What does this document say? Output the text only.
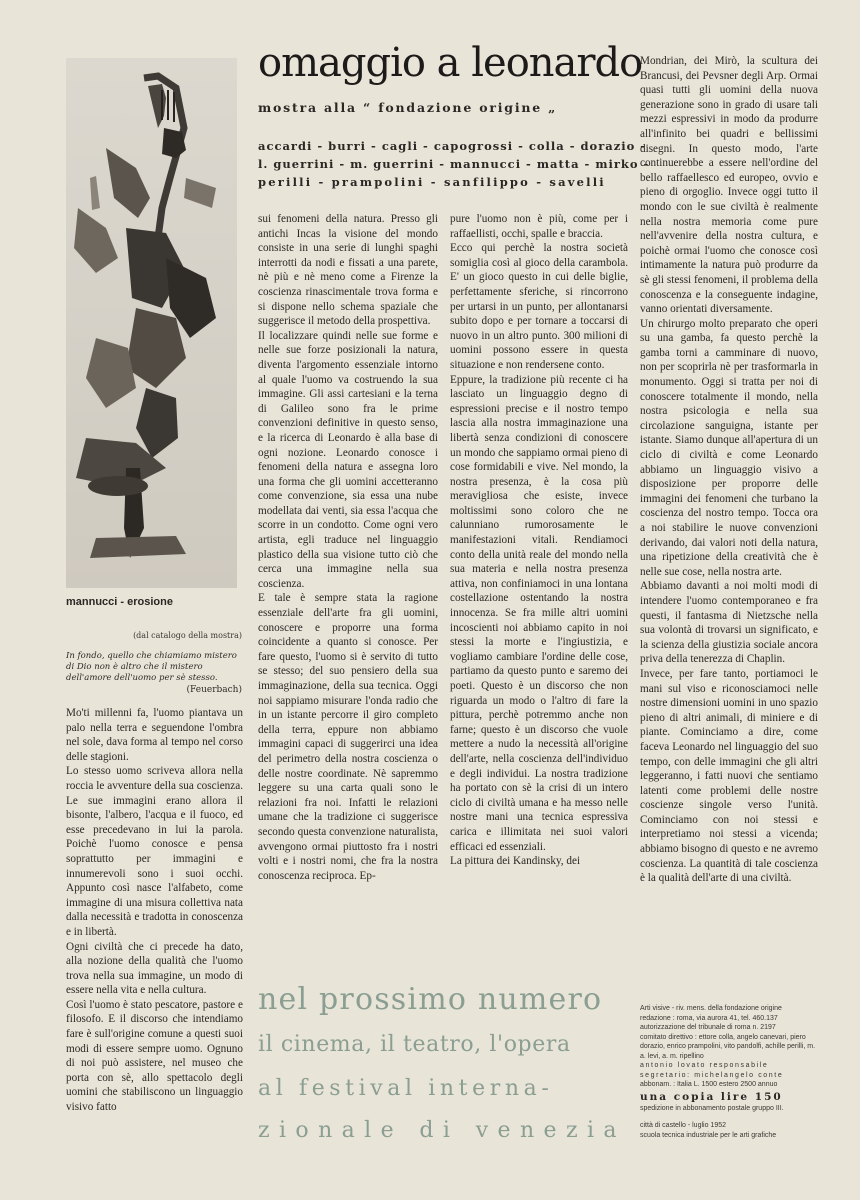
mannucci - erosione
(dal catalogo della mostra)
In fondo, quello che chiamiamo mistero di Dio non è altro che il mistero dell'amore dell'uomo per sè stesso.
(Feuerbach)
omaggio a leonardo
mostra alla “ fondazione origine „
accardi - burri - cagli - capogrossi - colla - dorazio -
l. guerrini - m. guerrini - mannucci - matta - mirko -
perilli - prampolini - sanfilippo - savelli

Mo'ti millenni fa, l'uomo piantava un palo nella terra e seguendone l'ombra nel sole, dava forma al tempo nel corso delle stagioni.

Lo stesso uomo scriveva allora nella roccia le avventure della sua coscienza. Le sue immagini erano allora il bisonte, l'albero, l'acqua e il fuoco, ed esse precedevano in lui la parola. Poichè l'uomo conosce e pensa soprattutto per immagini e innumerevoli sono i suoi occhi. Appunto così nasce l'alfabeto, come immagine di una misura collettiva nata dalla necessità e tradotta in conoscenza e in libertà.

Ogni civiltà che ci precede ha dato, alla nozione della qualità che l'uomo trova nella sua immagine, un modo di essere nella vita e nella cultura.

Così l'uomo è stato pescatore, pastore e filosofo. E il discorso che intendiamo fare è sull'origine comune a questi suoi modi di essere sempre uomo. Ognuno di noi può assistere, nel museo che porta con sè, allo spettacolo degli uomini che stabiliscono un linguaggio visivo fatto

sui fenomeni della natura. Presso gli antichi Incas la visione del mondo consiste in una serie di lunghi spaghi interrotti da nodi e fissati a una parete, nè più e nè meno come a Firenze la coscienza rinascimentale trova forma e si dispone nello schema spaziale che suggerisce il metodo della prospettiva.

Il localizzare quindi nelle sue forme e nelle sue forze posizionali la natura, diventa l'argomento essenziale intorno al quale l'uomo va costruendo la sua immagine. Gli assi cartesiani e la terna di Galileo sono fra le prime convenzioni definitive in questo senso, e la ricerca di Leonardo è alla base di ogni nozione. Leonardo conosce i fenomeni della natura e assegna loro una forma che gli uomini accetteranno come convenzione, sia essa una nube modellata dai venti, sia essa l'acqua che scorre in un condotto. Come ogni vero artista, egli traduce nel linguaggio plastico della sua visione tutto ciò che cerca una immagine nella sua coscienza.

E tale è sempre stata la ragione essenziale dell'arte fra gli uomini, conoscere e proporre una forma coincidente a quanto si conosce. Per fare questo, l'uomo si è servito di tutto se stesso; del suo pensiero della sua immaginazione, della sua tecnica. Oggi noi sappiamo misurare l'onda radio che in un istante percorre il giro completo della terra, eppure non abbiamo immagini capaci di suggerirci una idea del perimetro della nostra coscienza o delle nostre coordinate. Nè sapremmo leggere su una carta quali sono le relazioni fra noi. Infatti le relazioni umane che la tradizione ci suggerisce secondo questa convenzione naturalista, avvengono ormai piuttosto fra i nostri volti e i nostri nomi, che fra la nostra conoscenza reciproca. Ep-

pure l'uomo non è più, come per i raffaellisti, occhi, spalle e braccia.

Ecco qui perchè la nostra società somiglia così al gioco della carambola. E' un gioco questo in cui delle biglie, perfettamente sferiche, si rincorrono per urtarsi in un punto, per allontanarsi subito dopo e per tornare a toccarsi di nuovo in un altro punto. 300 milioni di uomini possono essere in questa situazione e non rendersene conto.

Eppure, la tradizione più recente ci ha lasciato un linguaggio degno di espressioni precise e il nostro tempo lascia alla nostra immaginazione una libertà senza condizioni di conoscere un mondo che sappiamo ormai pieno di cose formidabili e vive. Nel mondo, la nostra presenza, è la cosa più meravigliosa che esiste, invece moltissimi sono coloro che ne calunniano rumorosamente le manifestazioni vitali. Rendiamoci conto della unità reale del mondo nella sua materia e nella nostra presenza attiva, non confiniamoci in una lontana costellazione ostentando la nostra innocenza. Se fra mille altri uomini incoscienti noi abbiamo capito in noi stessi la morte e l'ingiustizia, e vogliamo cambiare l'ordine delle cose, partiamo da questo punto e saremo dei poeti. Questo è un discorso che non riguarda un modo o l'altro di fare la pittura, perchè potremmo anche non farne; questo è un discorso che vuole mettere a nudo la necessità all'origine dell'arte, nella coscienza dell'individuo e degli individui. La nostra tradizione ha portato con sè la crisi di un intero ciclo di civiltà umana e ha messo nelle nostre mani una tecnica espressiva carica e illimitata nei suoi valori efficaci ed essenziali.

La pittura dei Kandinsky, dei

Mondrian, dei Mirò, la scultura dei Brancusi, dei Pevsner degli Arp. Ormai quasi tutti gli uomini della nuova generazione sono in grado di usare tali mezzi espressivi in modo da produrre all'infinito bei quadri e bellissimi disegni. In questo modo, l'arte continuerebbe a essere nell'ordine del bello raffaellesco ed europeo, ovvio e pieno di orgoglio. Invece oggi tutto il mondo con le sue civiltà è realmente nella nostra memoria come pure nell'avvenire della nostra cultura, e poichè ormai l'uomo che conosce così intimamente la natura può produrre da sè gli stessi fenomeni, il problema della conoscenza e la conseguente indagine, vanno orientati diversamente.

Un chirurgo molto preparato che operi su una gamba, fa questo perchè la gamba torni a camminare di nuovo, non per scoprirla nè per trasformarla in monumento. Oggi si tratta per noi di conoscere totalmente il mondo, nella nostra psicologia e nella sua circolazione sanguigna, istante per istante. Siamo dunque all'apertura di un ciclo di civiltà e come Leonardo abbiamo un linguaggio visivo a disposizione per proporre delle immagini dei fenomeni che turbano la coscienza del nostro tempo. Tocca ora a noi stabilire le nuove convenzioni derivando, dai valori noti della natura, una ripetizione della creatività che è nelle sue cose, nella nostra arte.

Abbiamo davanti a noi molti modi di intendere l'uomo contemporaneo e fra questi, il fantasma di Nietzsche nella sua volontà di trovarsi un significato, e la scienza della giustizia sociale ancora priva della tenerezza di Chaplin.

Invece, per fare tanto, portiamoci le mani sul viso e riconosciamoci nelle nostre dimensioni uomini in uno spazio pieno di altri animali, di miniere e di piante. Cominciamo a dire, come faceva Leonardo nel linguaggio del suo tempo, con delle immagini che gli altri leggeranno, i fatti nuovi che sentiamo latenti come problemi delle nostre coscienze singole verso l'unità. Cominciamo con noi stessi e interpretiamo noi stessi a vicenda; abbiamo bisogno di questo e ne avremo coscienza. La quantità di tale coscienza è la qualità dell'arte di una civiltà.

nel prossimo numero
il cinema, il teatro, l'opera
al festival interna-
zionale di venezia
Arti visive - riv. mens. della fondazione origine
redazione : roma, via aurora 41, tel. 460.137
autorizzazione del tribunale di roma n. 2197
comitato direttivo : ettore colla, angelo canevari, piero dorazio, enrico prampolini, vito pandolfi, achille perilli, m. a. levi, a. m. ripellino
antonio lovato responsabile
segretario: michelangelo conte
abbonam. : Italia L. 1500 estero 2500 annuo
una copia lire 150
spedizione in abbonamento postale gruppo III.
città di castello - luglio 1952
scuola tecnica industriale per le arti grafiche
